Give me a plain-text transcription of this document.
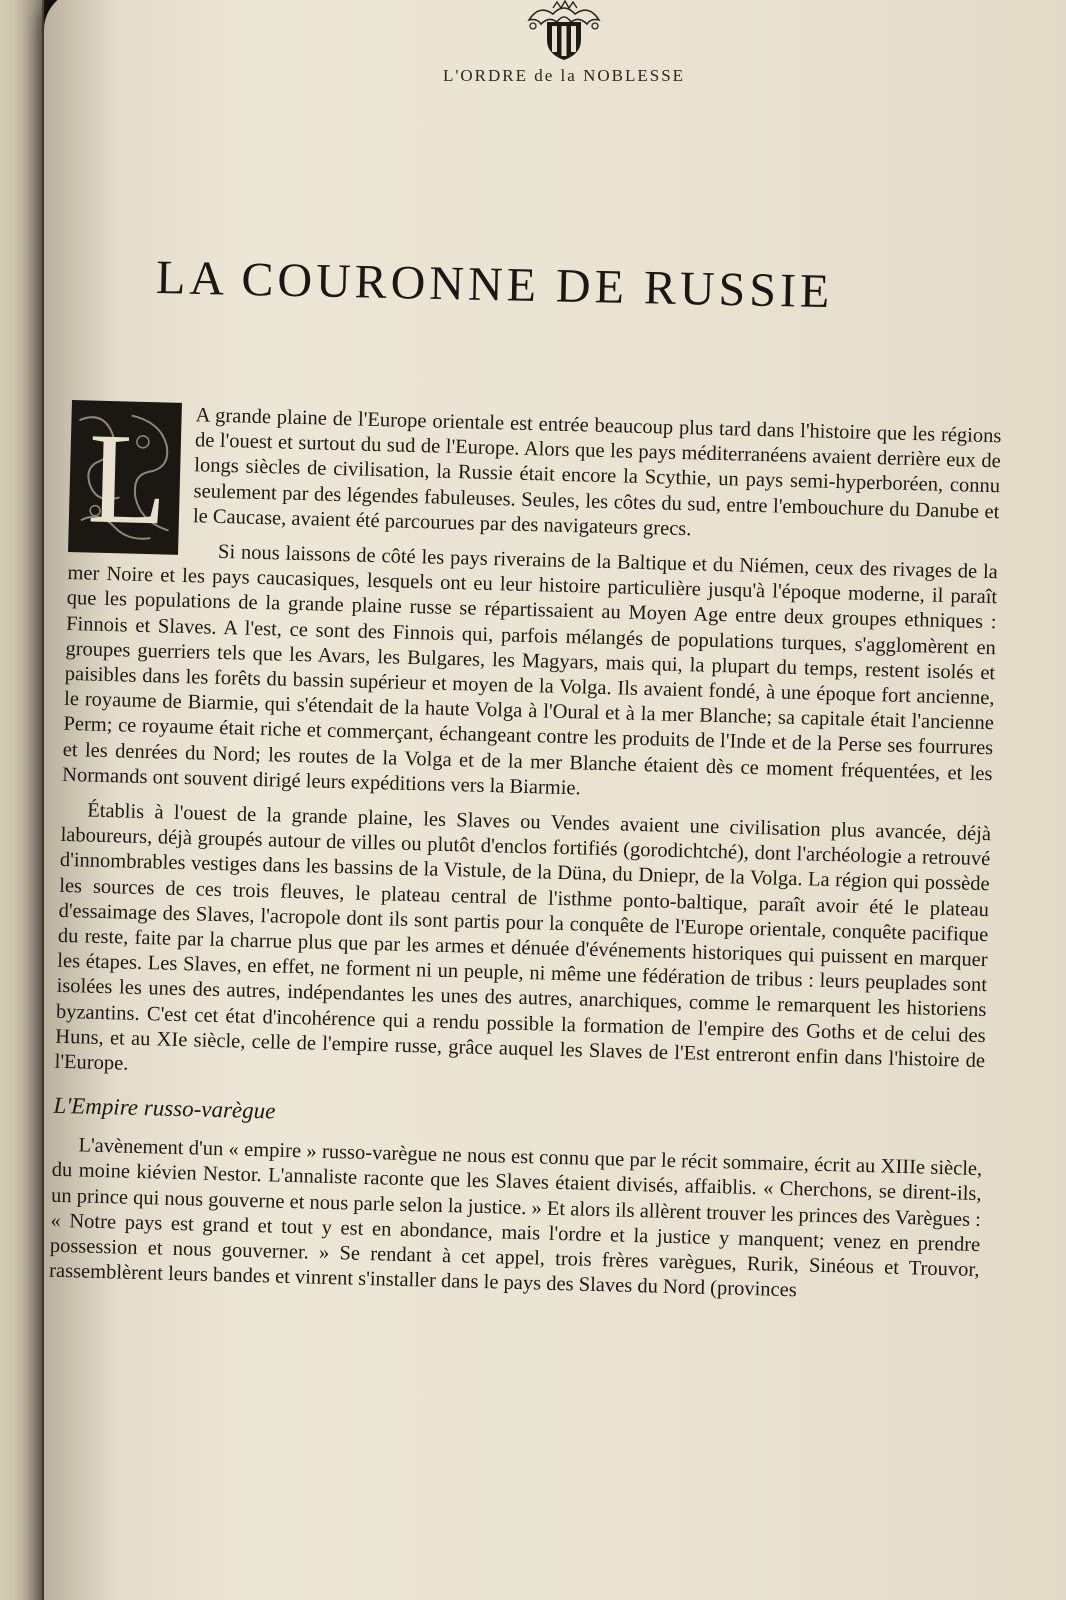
L'ORDRE de la NOBLESSE
LA COURONNE DE RUSSIE
L	A grande plaine de l'Europe orientale est entrée beaucoup plus tard dans l'histoire que les régions de l'ouest et surtout du sud de l'Europe. Alors que les pays méditerranéens avaient derrière eux de longs siècles de civilisation, la Russie était encore la Scythie, un pays semi-hyperboréen, connu seulement par des légendes fabuleuses. Seules, les côtes du sud, entre l'embouchure du Danube et le Caucase, avaient été parcourues par des navigateurs grecs.

Si nous laissons de côté les pays riverains de la Baltique et du Niémen, ceux des rivages de la mer Noire et les pays caucasiques, lesquels ont eu leur histoire particulière jusqu'à l'époque moderne, il paraît que les populations de la grande plaine russe se répartissaient au Moyen Age entre deux groupes ethniques : Finnois et Slaves. A l'est, ce sont des Finnois qui, parfois mélangés de populations turques, s'agglomèrent en groupes guerriers tels que les Avars, les Bulgares, les Magyars, mais qui, la plupart du temps, restent isolés et paisibles dans les forêts du bassin supérieur et moyen de la Volga. Ils avaient fondé, à une époque fort ancienne, le royaume de Biarmie, qui s'étendait de la haute Volga à l'Oural et à la mer Blanche; sa capitale était l'ancienne Perm; ce royaume était riche et commerçant, échangeant contre les produits de l'Inde et de la Perse ses fourrures et les denrées du Nord; les routes de la Volga et de la mer Blanche étaient dès ce moment fréquentées, et les Normands ont souvent dirigé leurs expéditions vers la Biarmie.

Établis à l'ouest de la grande plaine, les Slaves ou Vendes avaient une civilisation plus avancée, déjà laboureurs, déjà groupés autour de villes ou plutôt d'enclos fortifiés (gorodichtché), dont l'archéologie a retrouvé d'innombrables vestiges dans les bassins de la Vistule, de la Düna, du Dniepr, de la Volga. La région qui possède les sources de ces trois fleuves, le plateau central de l'isthme ponto-baltique, paraît avoir été le plateau d'essaimage des Slaves, l'acropole dont ils sont partis pour la conquête de l'Europe orientale, conquête pacifique du reste, faite par la charrue plus que par les armes et dénuée d'événements historiques qui puissent en marquer les étapes. Les Slaves, en effet, ne forment ni un peuple, ni même une fédération de tribus : leurs peuplades sont isolées les unes des autres, indépendantes les unes des autres, anarchiques, comme le remarquent les historiens byzantins. C'est cet état d'incohérence qui a rendu possible la formation de l'empire des Goths et de celui des Huns, et au XIe siècle, celle de l'empire russe, grâce auquel les Slaves de l'Est entreront enfin dans l'histoire de l'Europe.

L'Empire russo-varègue

L'avènement d'un « empire » russo-varègue ne nous est connu que par le récit sommaire, écrit au XIIIe siècle, du moine kiévien Nestor. L'annaliste raconte que les Slaves étaient divisés, affaiblis. « Cherchons, se dirent-ils, un prince qui nous gouverne et nous parle selon la justice. » Et alors ils allèrent trouver les princes des Varègues : « Notre pays est grand et tout y est en abondance, mais l'ordre et la justice y manquent; venez en prendre possession et nous gouverner. » Se rendant à cet appel, trois frères varègues, Rurik, Sinéous et Trouvor, rassemblèrent leurs bandes et vinrent s'installer dans le pays des Slaves du Nord (provinces
